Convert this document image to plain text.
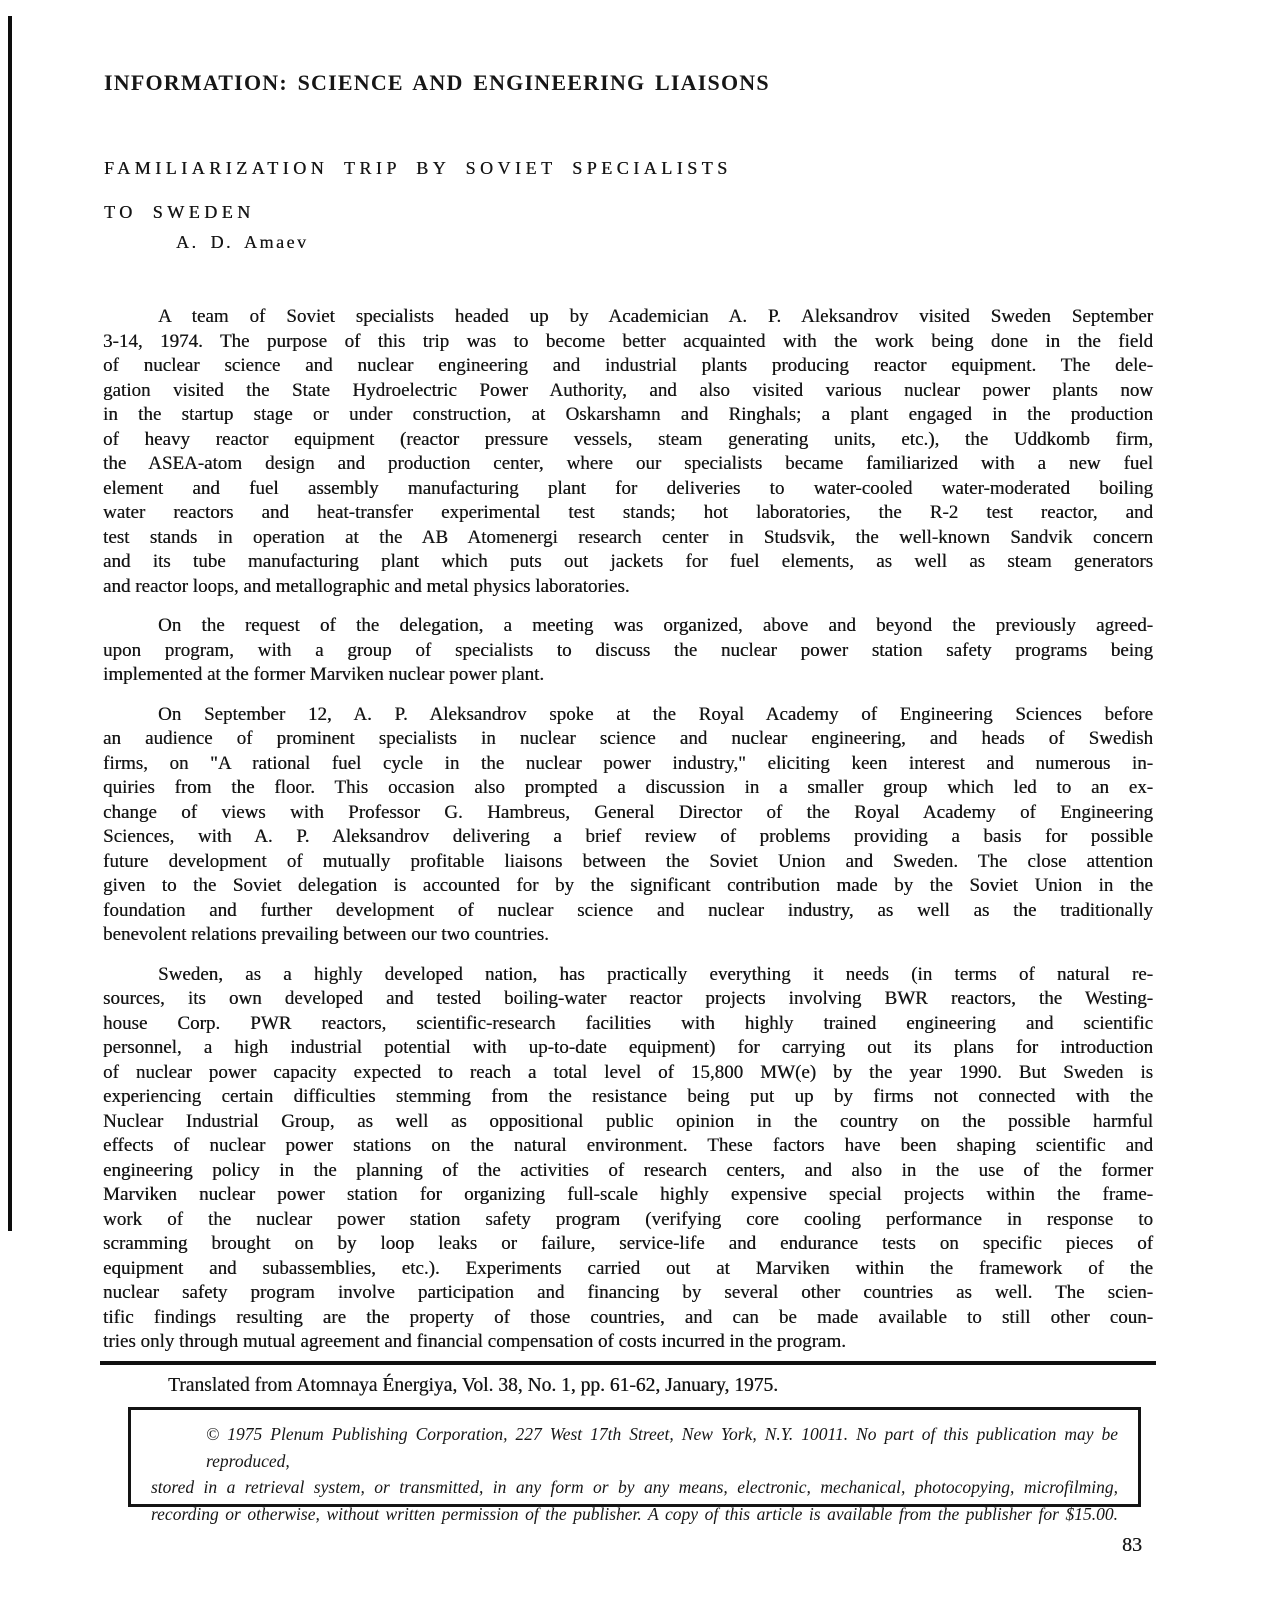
INFORMATION: SCIENCE AND ENGINEERING LIAISONS
FAMILIARIZATION TRIP BY SOVIET SPECIALISTS
TO SWEDEN
A. D. Amaev
A team of Soviet specialists headed up by Academician A. P. Aleksandrov visited Sweden September
3-14, 1974. The purpose of this trip was to become better acquainted with the work being done in the field
of nuclear science and nuclear engineering and industrial plants producing reactor equipment. The dele-
gation visited the State Hydroelectric Power Authority, and also visited various nuclear power plants now
in the startup stage or under construction, at Oskarshamn and Ringhals; a plant engaged in the production
of heavy reactor equipment (reactor pressure vessels, steam generating units, etc.), the Uddkomb firm,
the ASEA-atom design and production center, where our specialists became familiarized with a new fuel
element and fuel assembly manufacturing plant for deliveries to water-cooled water-moderated boiling
water reactors and heat-transfer experimental test stands; hot laboratories, the R-2 test reactor, and
test stands in operation at the AB Atomenergi research center in Studsvik, the well-known Sandvik concern
and its tube manufacturing plant which puts out jackets for fuel elements, as well as steam generators
and reactor loops, and metallographic and metal physics laboratories.
On the request of the delegation, a meeting was organized, above and beyond the previously agreed-
upon program, with a group of specialists to discuss the nuclear power station safety programs being
implemented at the former Marviken nuclear power plant.
On September 12, A. P. Aleksandrov spoke at the Royal Academy of Engineering Sciences before
an audience of prominent specialists in nuclear science and nuclear engineering, and heads of Swedish
firms, on "A rational fuel cycle in the nuclear power industry," eliciting keen interest and numerous in-
quiries from the floor. This occasion also prompted a discussion in a smaller group which led to an ex-
change of views with Professor G. Hambreus, General Director of the Royal Academy of Engineering
Sciences, with A. P. Aleksandrov delivering a brief review of problems providing a basis for possible
future development of mutually profitable liaisons between the Soviet Union and Sweden. The close attention
given to the Soviet delegation is accounted for by the significant contribution made by the Soviet Union in the
foundation and further development of nuclear science and nuclear industry, as well as the traditionally
benevolent relations prevailing between our two countries.
Sweden, as a highly developed nation, has practically everything it needs (in terms of natural re-
sources, its own developed and tested boiling-water reactor projects involving BWR reactors, the Westing-
house Corp. PWR reactors, scientific-research facilities with highly trained engineering and scientific
personnel, a high industrial potential with up-to-date equipment) for carrying out its plans for introduction
of nuclear power capacity expected to reach a total level of 15,800 MW(e) by the year 1990. But Sweden is
experiencing certain difficulties stemming from the resistance being put up by firms not connected with the
Nuclear Industrial Group, as well as oppositional public opinion in the country on the possible harmful
effects of nuclear power stations on the natural environment. These factors have been shaping scientific and
engineering policy in the planning of the activities of research centers, and also in the use of the former
Marviken nuclear power station for organizing full-scale highly expensive special projects within the frame-
work of the nuclear power station safety program (verifying core cooling performance in response to
scramming brought on by loop leaks or failure, service-life and endurance tests on specific pieces of
equipment and subassemblies, etc.). Experiments carried out at Marviken within the framework of the
nuclear safety program involve participation and financing by several other countries as well. The scien-
tific findings resulting are the property of those countries, and can be made available to still other coun-
tries only through mutual agreement and financial compensation of costs incurred in the program.
Translated from Atomnaya Énergiya, Vol. 38, No. 1, pp. 61-62, January, 1975.
© 1975 Plenum Publishing Corporation, 227 West 17th Street, New York, N.Y. 10011. No part of this publication may be reproduced,
stored in a retrieval system, or transmitted, in any form or by any means, electronic, mechanical, photocopying, microfilming,
recording or otherwise, without written permission of the publisher. A copy of this article is available from the publisher for $15.00.
83
